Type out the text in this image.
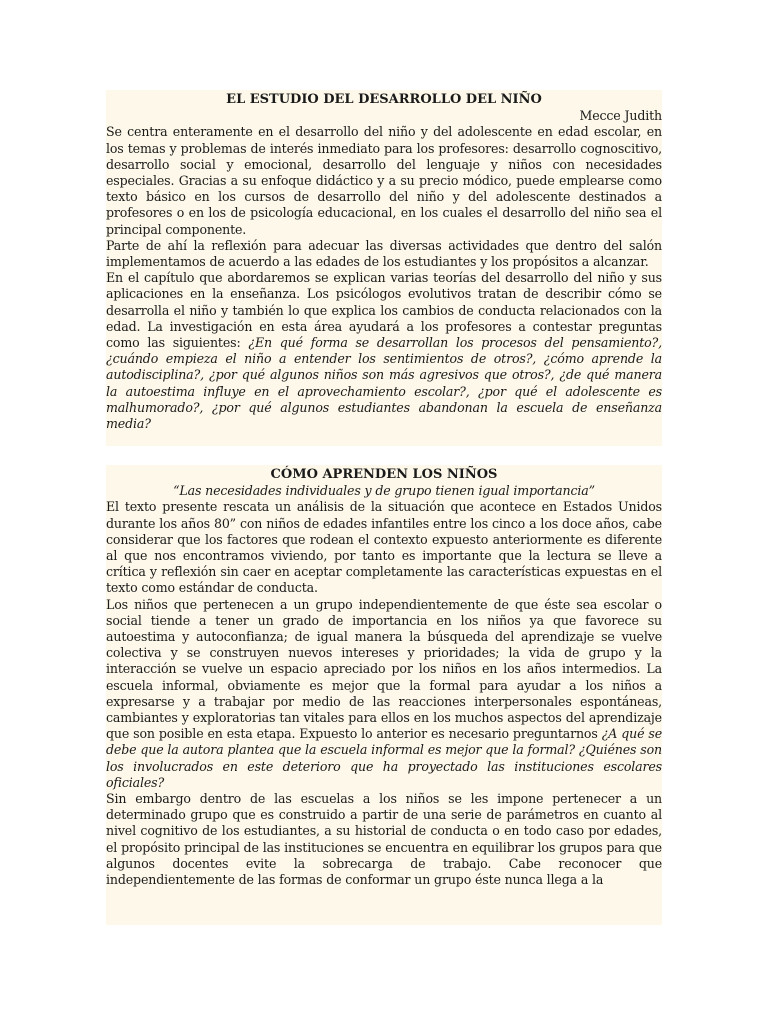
EL ESTUDIO DEL DESARROLLO DEL NIÑO

Mecce Judith

Se centra enteramente en el desarrollo del niño y del adolescente en edad escolar, en los temas y problemas de interés inmediato para los profesores: desarrollo cognoscitivo, desarrollo social y emocional, desarrollo del lenguaje y niños con necesidades especiales. Gracias a su enfoque didáctico y a su precio módico, puede emplearse como texto básico en los cursos de desarrollo del niño y del adolescente destinados a profesores o en los de psicología educacional, en los cuales el desarrollo del niño sea el principal componente.

Parte de ahí la reflexión para adecuar las diversas actividades que dentro del salón implementamos de acuerdo a las edades de los estudiantes y los propósitos a alcanzar.

En el capítulo que abordaremos se explican varias teorías del desarrollo del niño y sus aplicaciones en la enseñanza. Los psicólogos evolutivos tratan de describir cómo se desarrolla el niño y también lo que explica los cambios de conducta relacionados con la edad. La investigación en esta área ayudará a los profesores a contestar preguntas como las siguientes: ¿En qué forma se desarrollan los procesos del pensamiento?, ¿cuándo empieza el niño a entender los sentimientos de otros?, ¿cómo aprende la autodisciplina?, ¿por qué algunos niños son más agresivos que otros?, ¿de qué manera la autoestima influye en el aprovechamiento escolar?, ¿por qué el adolescente es malhumorado?, ¿por qué algunos estudiantes abandonan la escuela de enseñanza media?

CÓMO APRENDEN LOS NIÑOS

“Las necesidades individuales y de grupo tienen igual importancia”

El texto presente rescata un análisis de la situación que acontece en Estados Unidos durante los años 80” con niños de edades infantiles entre los cinco a los doce años, cabe considerar que los factores que rodean el contexto expuesto anteriormente es diferente al que nos encontramos viviendo, por tanto es importante que la lectura se lleve a crítica y reflexión sin caer en aceptar completamente las características expuestas en el texto como estándar de conducta.

Los niños que pertenecen a un grupo independientemente de que éste sea escolar o social tiende a tener un grado de importancia en los niños ya que favorece su autoestima y autoconfianza; de igual manera la búsqueda del aprendizaje se vuelve colectiva y se construyen nuevos intereses y prioridades; la vida de grupo y la interacción se vuelve un espacio apreciado por los niños en los años intermedios. La escuela informal, obviamente es mejor que la formal para ayudar a los niños a expresarse y a trabajar por medio de las reacciones interpersonales espontáneas, cambiantes y exploratorias tan vitales para ellos en los muchos aspectos del aprendizaje que son posible en esta etapa. Expuesto lo anterior es necesario preguntarnos ¿A qué se debe que la autora plantea que la escuela informal es mejor que la formal? ¿Quiénes son los involucrados en este deterioro que ha proyectado las instituciones escolares oficiales?

Sin embargo dentro de las escuelas a los niños se les impone pertenecer a un determinado grupo que es construido a partir de una serie de parámetros en cuanto al nivel cognitivo de los estudiantes, a su historial de conducta o en todo caso por edades, el propósito principal de las instituciones se encuentra en equilibrar los grupos para que algunos docentes evite la sobrecarga de trabajo. Cabe reconocer que independientemente de las formas de conformar un grupo éste nunca llega a la
